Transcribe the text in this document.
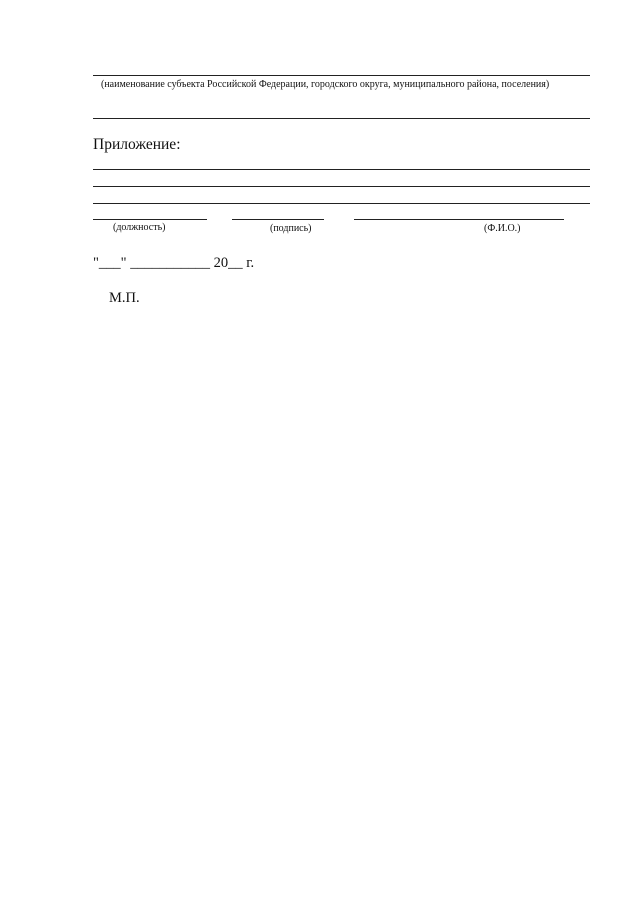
(наименование субъекта Российской Федерации, городского округа, муниципального района, поселения)
Приложение:
(должность)	(подпись)	(Ф.И.О.)
"___" ___________ 20__ г.
М.П.
